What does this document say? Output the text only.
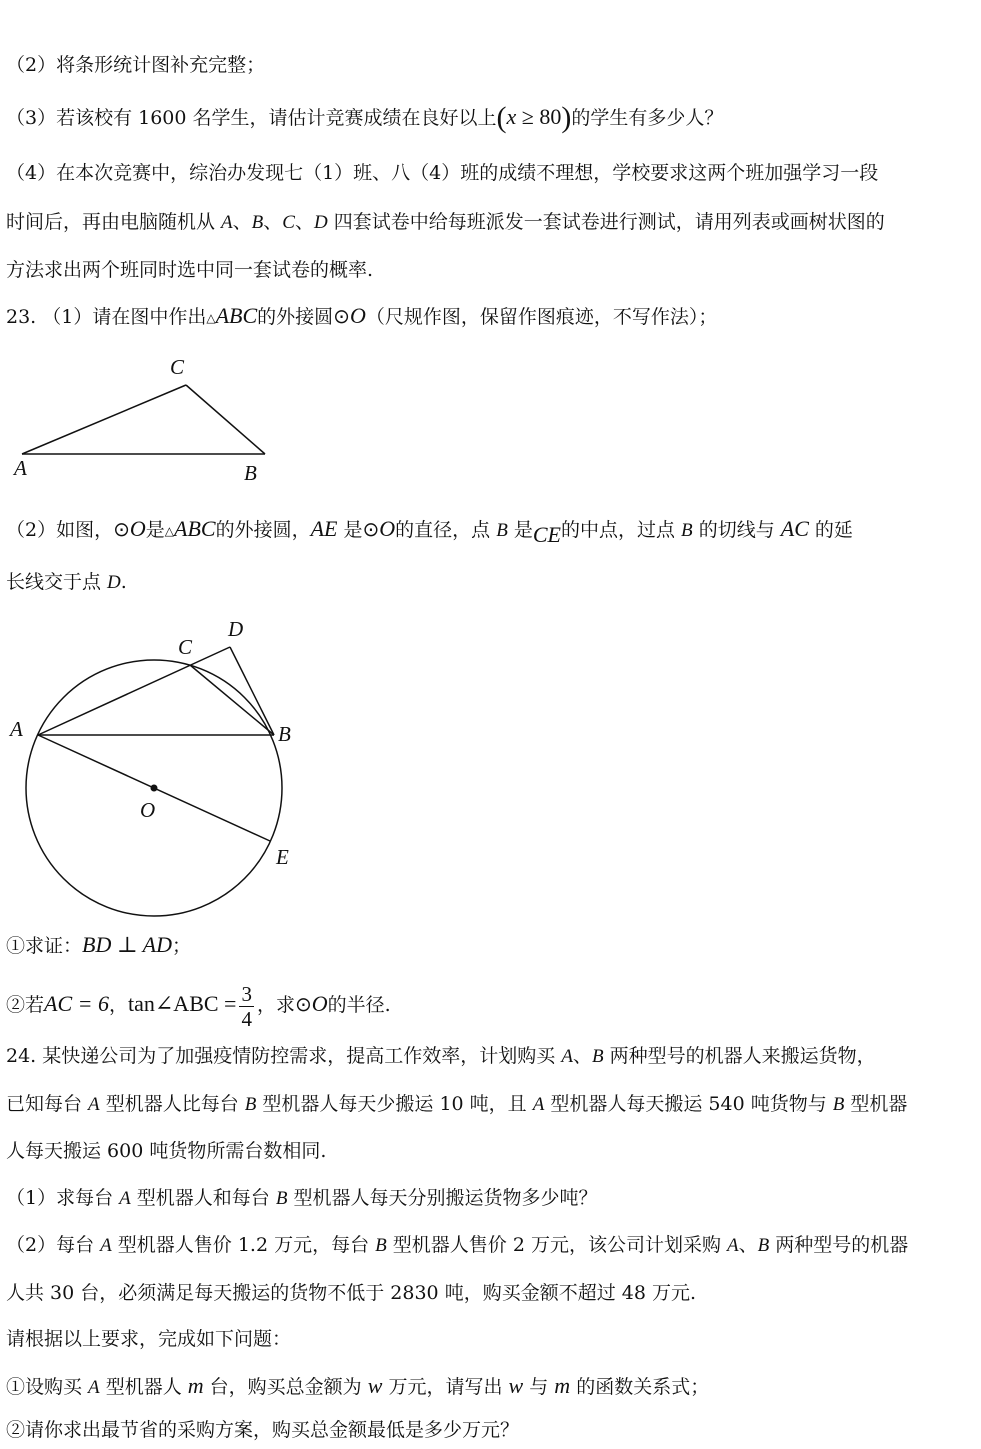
（2）将条形统计图补充完整；
（3）若该校有 1600 名学生，请估计竞赛成绩在良好以上(x ≥ 80)的学生有多少人？
（4）在本次竞赛中，综治办发现七（1）班、八（4）班的成绩不理想，学校要求这两个班加强学习一段
时间后，再由电脑随机从 A、B、C、D 四套试卷中给每班派发一套试卷进行测试，请用列表或画树状图的
方法求出两个班同时选中同一套试卷的概率.
23. （1）请在图中作出△ABC的外接圆⊙O（尺规作图，保留作图痕迹，不写作法）；
C
A	B
（2）如图，⊙O是△ABC的外接圆，AE 是⊙O的直径，点 B 是CE的中点，过点 B 的切线与 AC 的延
长线交于点 D.
A	B
C
D
O
E
①求证：BD ⊥ AD；
②若AC = 6，tan∠ABC = $\frac{3}{4}$ ，求⊙O的半径.
24. 某快递公司为了加强疫情防控需求，提高工作效率，计划购买 A、B 两种型号的机器人来搬运货物，
已知每台 A 型机器人比每台 B 型机器人每天少搬运 10 吨，且 A 型机器人每天搬运 540 吨货物与 B 型机器
人每天搬运 600 吨货物所需台数相同.
（1）求每台 A 型机器人和每台 B 型机器人每天分别搬运货物多少吨？
（2）每台 A 型机器人售价 1.2 万元，每台 B 型机器人售价 2 万元，该公司计划采购 A、B 两种型号的机器
人共 30 台，必须满足每天搬运的货物不低于 2830 吨，购买金额不超过 48 万元.
请根据以上要求，完成如下问题：
①设购买 A 型机器人 m 台，购买总金额为 w 万元，请写出 w 与 m 的函数关系式；
②请你求出最节省的采购方案，购买总金额最低是多少万元？
